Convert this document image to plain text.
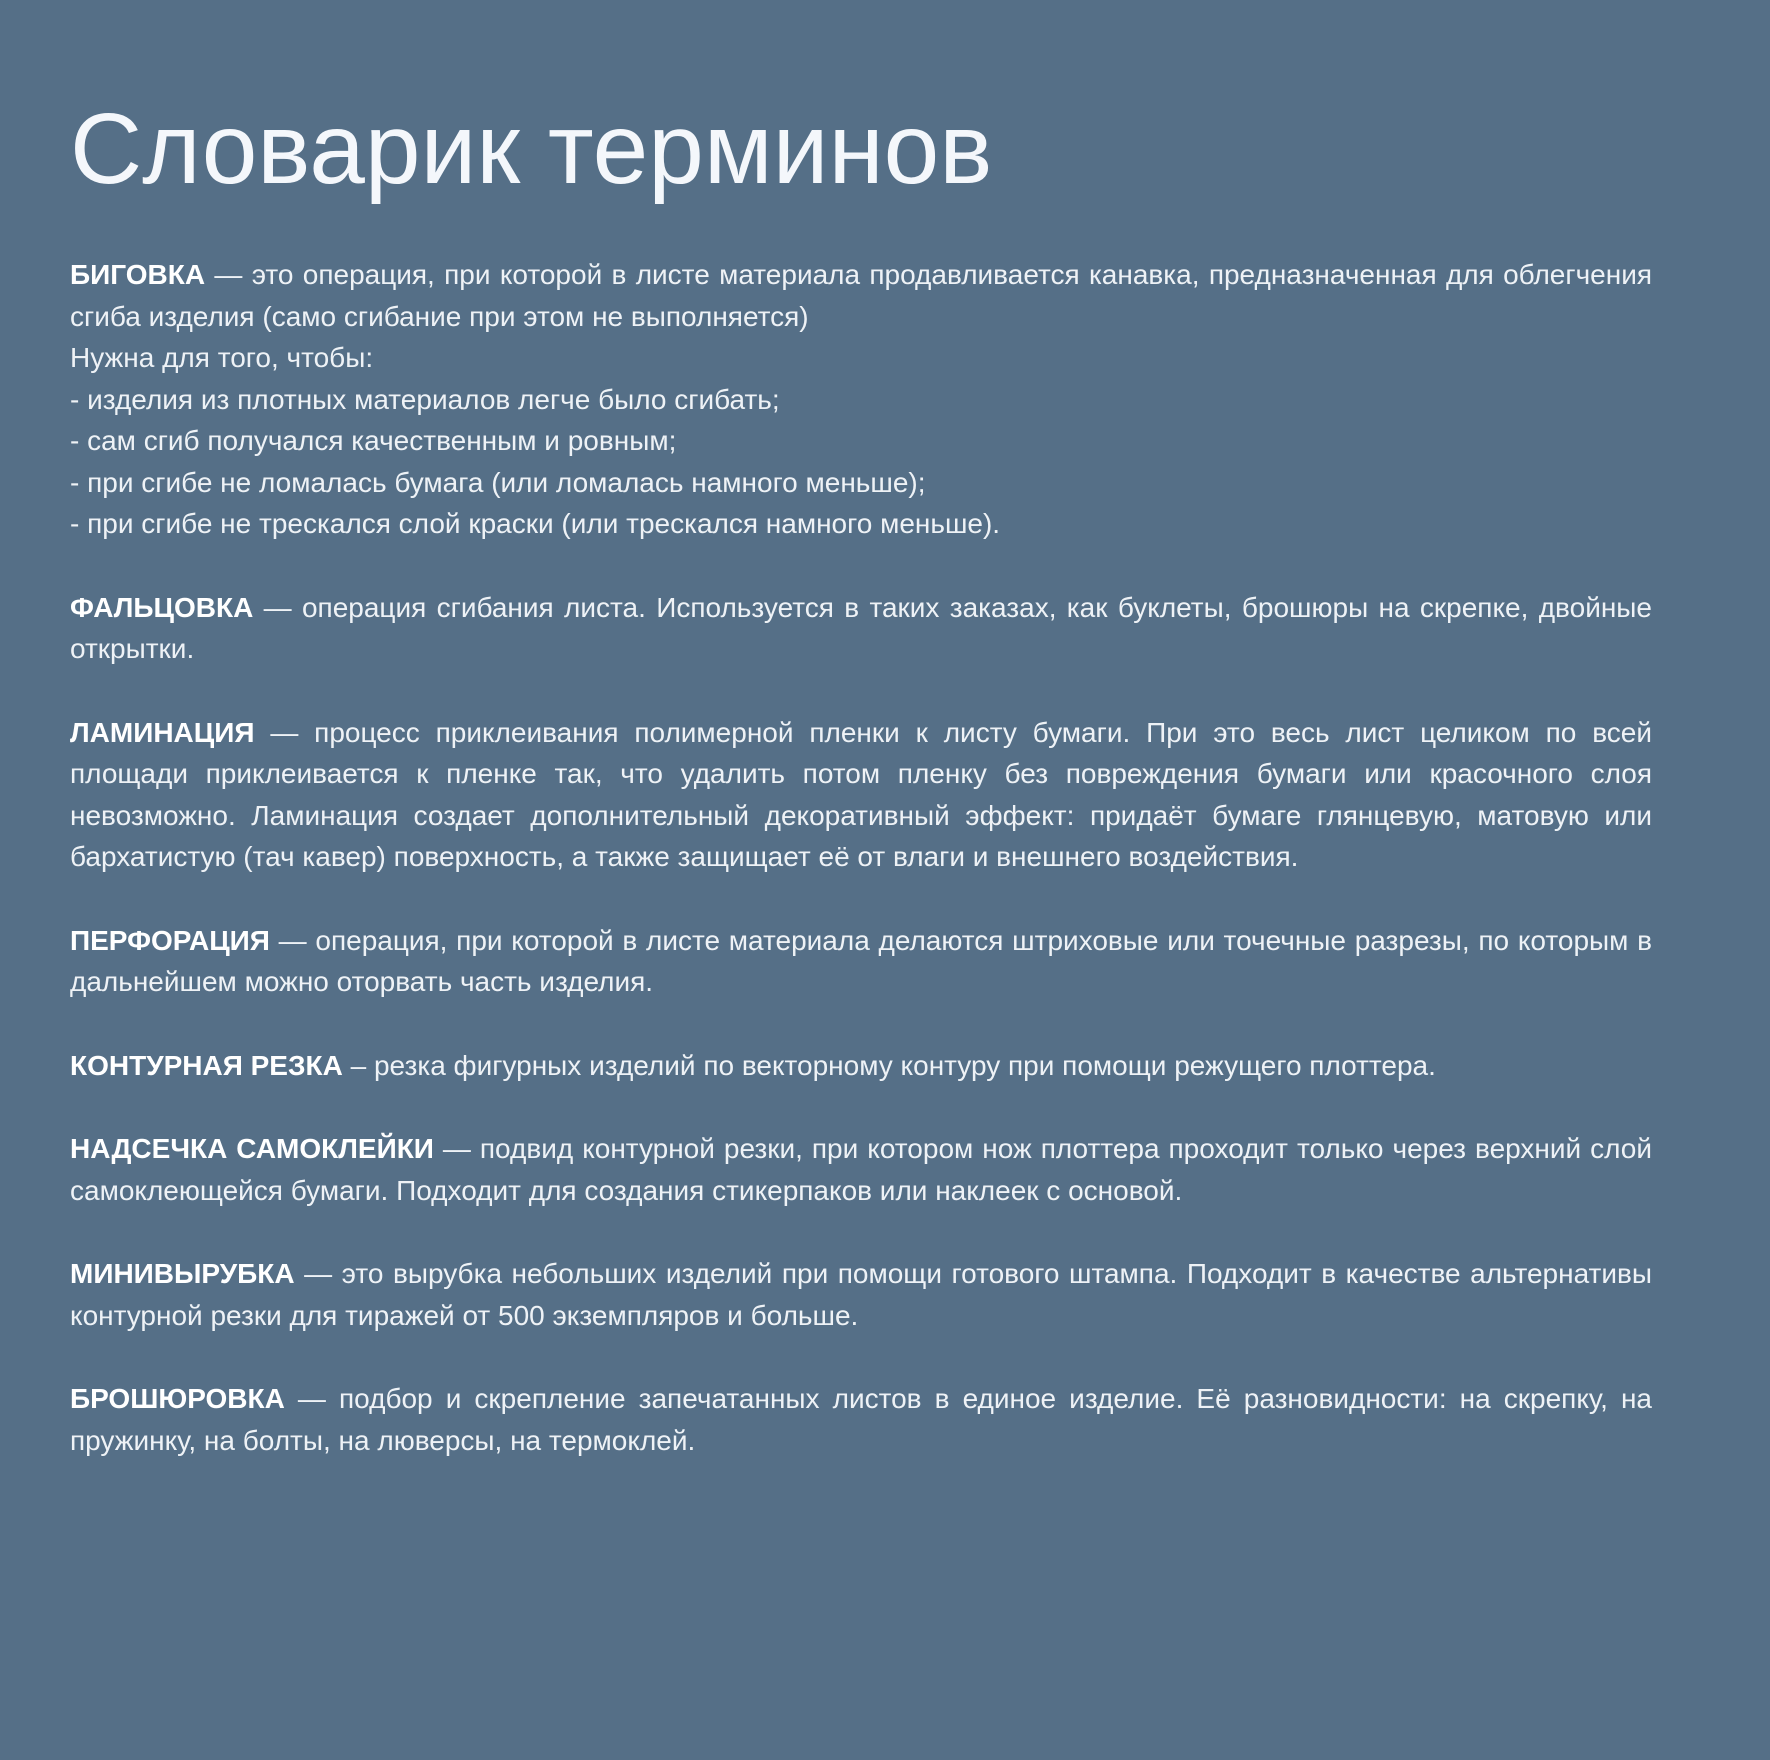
Словарик терминов

БИГОВКА — это операция, при которой в листе материала продавливается канавка, предназначенная для облегчения сгиба изделия (само сгибание при этом не выполняется)
Нужна для того, чтобы:
- изделия из плотных материалов легче было сгибать;
- сам сгиб получался качественным и ровным;
- при сгибе не ломалась бумага (или ломалась намного меньше);
- при сгибе не трескался слой краски (или трескался намного меньше).

ФАЛЬЦОВКА — операция сгибания листа. Используется в таких заказах, как буклеты, брошюры на скрепке, двойные открытки.

ЛАМИНАЦИЯ — процесс приклеивания полимерной пленки к листу бумаги. При это весь лист целиком по всей площади приклеивается к пленке так, что удалить потом пленку без повреждения бумаги или красочного слоя невозможно. Ламинация создает дополнительный декоративный эффект: придаёт бумаге глянцевую, матовую или бархатистую (тач кавер) поверхность, а также защищает её от влаги и внешнего воздействия.

ПЕРФОРАЦИЯ — операция, при которой в листе материала делаются штриховые или точечные разрезы, по которым в дальнейшем можно оторвать часть изделия.

КОНТУРНАЯ РЕЗКА – резка фигурных изделий по векторному контуру при помощи режущего плоттера.

НАДСЕЧКА САМОКЛЕЙКИ — подвид контурной резки, при котором нож плоттера проходит только через верхний слой самоклеющейся бумаги. Подходит для создания стикерпаков или наклеек с основой.

МИНИВЫРУБКА — это вырубка небольших изделий при помощи готового штампа. Подходит в качестве альтернативы контурной резки для тиражей от 500 экземпляров и больше.

БРОШЮРОВКА — подбор и скрепление запечатанных листов в единое изделие. Её разновидности: на скрепку, на пружинку, на болты, на люверсы, на термоклей.
